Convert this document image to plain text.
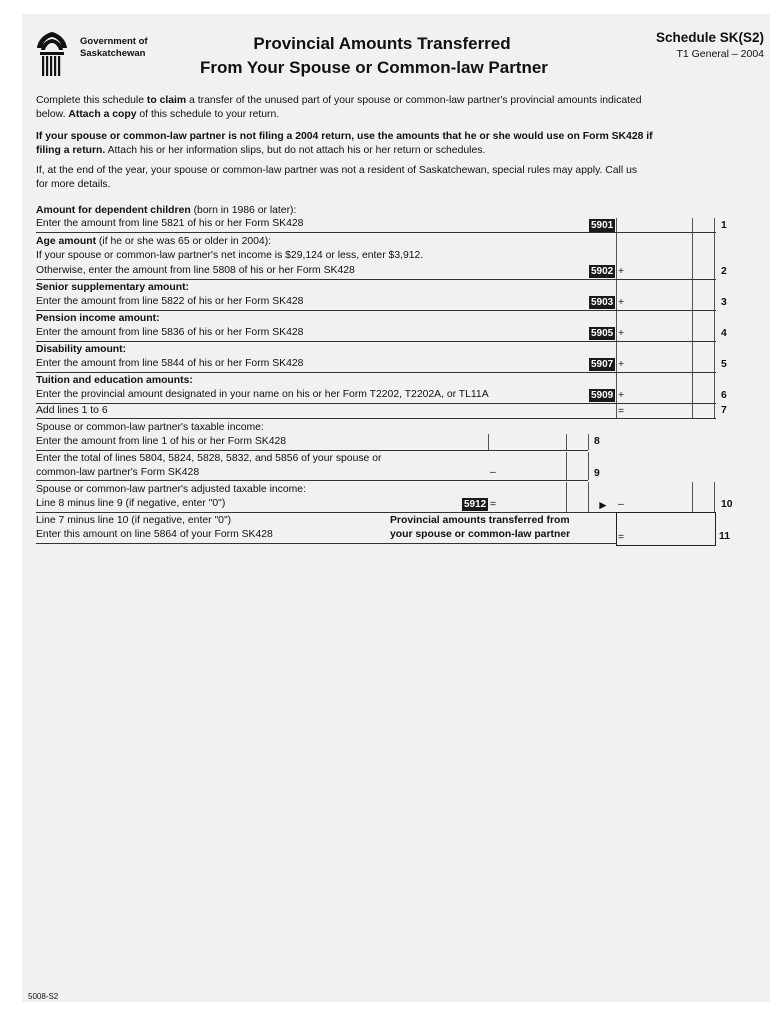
Government of
Saskatchewan
Provincial Amounts Transferred
From Your Spouse or Common-law Partner
Schedule SK(S2)
T1 General – 2004
Complete this schedule to claim a transfer of the unused part of your spouse or common-law partner's provincial amounts indicated
below. Attach a copy of this schedule to your return.
If your spouse or common-law partner is not filing a 2004 return, use the amounts that he or she would use on Form SK428 if
filing a return. Attach his or her information slips, but do not attach his or her return or schedules.
If, at the end of the year, your spouse or common-law partner was not a resident of Saskatchewan, special rules may apply. Call us
for more details.
Amount for dependent children (born in 1986 or later):
Enter the amount from line 5821 of his or her Form SK428	5901	1
Age amount (if he or she was 65 or older in 2004):
If your spouse or common-law partner's net income is $29,124 or less, enter $3,912.
Otherwise, enter the amount from line 5808 of his or her Form SK428	5902 +	2
Senior supplementary amount:
Enter the amount from line 5822 of his or her Form SK428	5903 +	3
Pension income amount:
Enter the amount from line 5836 of his or her Form SK428	5905 +	4
Disability amount:
Enter the amount from line 5844 of his or her Form SK428	5907 +	5
Tuition and education amounts:
Enter the provincial amount designated in your name on his or her Form T2202, T2202A, or TL11A	5909 +	6
Add lines 1 to 6	=	7
Spouse or common-law partner's taxable income:
Enter the amount from line 1 of his or her Form SK428	8
Enter the total of lines 5804, 5824, 5828, 5832, and 5856 of your spouse or
common-law partner's Form SK428	–	9
Spouse or common-law partner's adjusted taxable income:
Line 8 minus line 9 (if negative, enter "0")	5912 =	► –	10
Line 7 minus line 10 (if negative, enter "0")
Enter this amount on line 5864 of your Form SK428
Provincial amounts transferred from
your spouse or common-law partner	=	11
5008-S2
